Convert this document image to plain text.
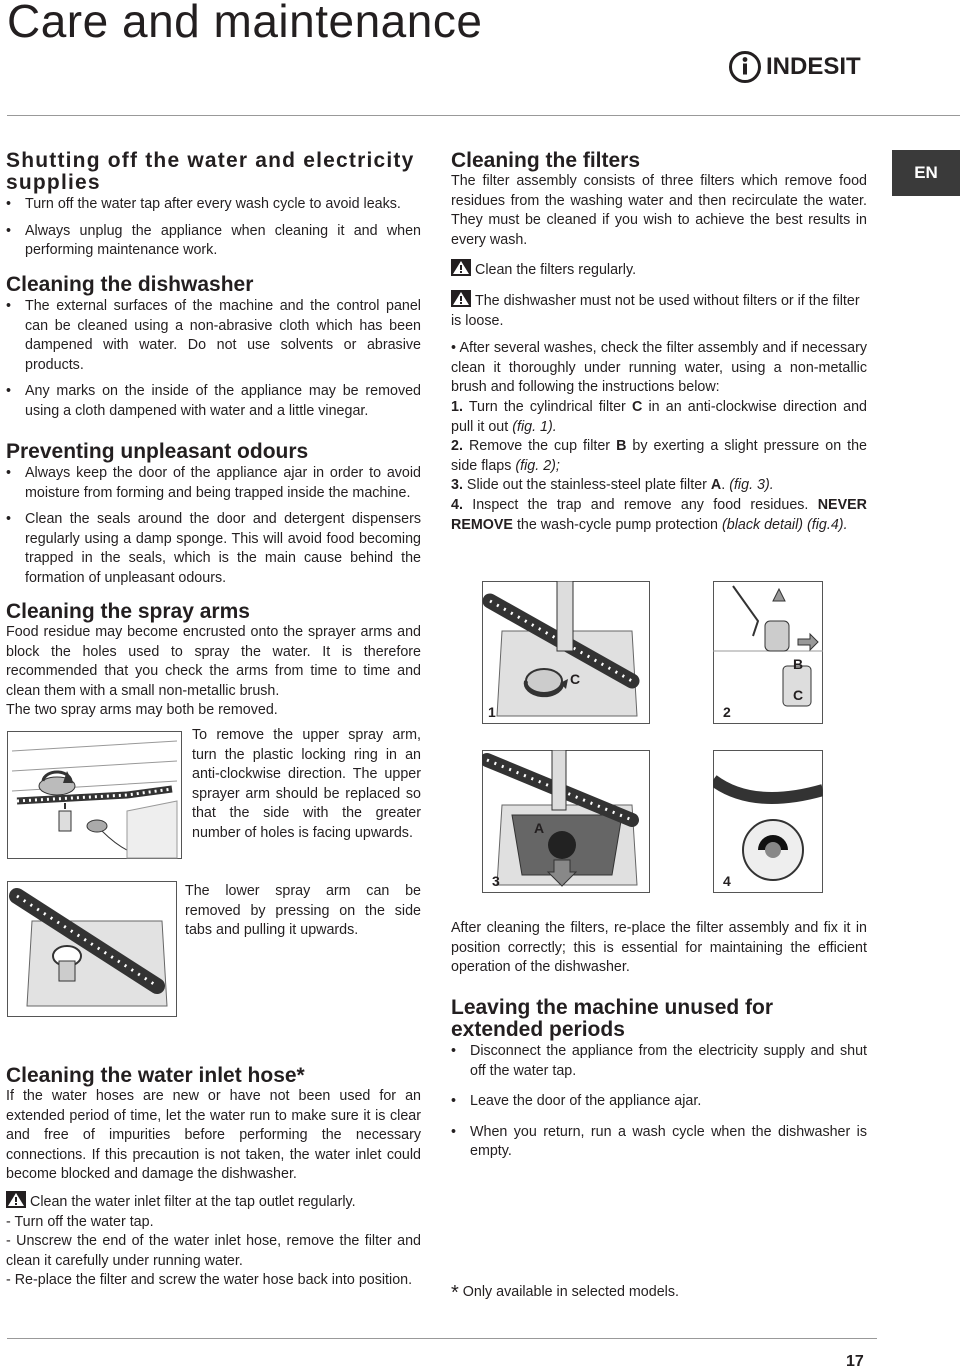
Care and maintenance
INDESIT
EN
Shutting off the water and electricity supplies
• Turn off the water tap after every wash cycle to avoid leaks.
• Always unplug the appliance when cleaning it and when performing maintenance work.
Cleaning the dishwasher
• The external surfaces of the machine and the control panel can be cleaned using a non-abrasive cloth which has been dampened with water. Do not use solvents or abrasive products.
• Any marks on the inside of the appliance may be removed using a cloth dampened with water and a little vinegar.
Preventing unpleasant odours
• Always keep the door of the appliance ajar in order to avoid moisture from forming and being trapped inside the machine.
• Clean the seals around the door and detergent dispensers regularly using a damp sponge. This will avoid food becoming trapped in the seals, which is the main cause behind the formation of unpleasant odours.
Cleaning the spray arms

Food residue may become encrusted onto the sprayer arms and block the holes used to spray the water. It is therefore recommended that you check the arms from time to time and clean them with a small non-metallic brush.

The two spray arms may both be removed.

To remove the upper spray arm, turn the plastic locking ring in an anti-clockwise direction. The upper sprayer arm should be replaced so that the side with the greater number of holes is facing upwards.

The lower spray arm can be removed by pressing on the side tabs and pulling it upwards.

Cleaning the water inlet hose*

If the water hoses are new or have not been used for an extended period of time, let the water run to make sure it is clear and free of impurities before performing the necessary connections. If this precaution is not taken, the water inlet could become blocked and damage the dishwasher.

Clean the water inlet filter at the tap outlet regularly.

- Turn off the water tap.

- Unscrew the end of the water inlet hose, remove the filter and clean it carefully under running water.

- Re-place the filter and screw the water hose back into position.

Cleaning the filters

The filter assembly consists of three filters which remove food residues from the washing water and then recirculate the water. They must be cleaned if you wish to achieve the best results in every wash.

Clean the filters regularly.
The dishwasher must not be used without filters or if the filter is loose.

• After several washes, check the filter assembly and if necessary clean it thoroughly under running water, using a non-metallic brush and following the instructions below:

1. Turn the cylindrical filter C in an anti-clockwise direction and pull it out (fig. 1).

2. Remove the cup filter B by exerting a slight pressure on the side flaps (fig. 2);

3. Slide out the stainless-steel plate filter A. (fig. 3).

4. Inspect the trap and remove any food residues. NEVER REMOVE the wash-cycle pump protection (black detail) (fig.4).

1
C
2
B
C
3
A
4

After cleaning the filters, re-place the filter assembly and fix it in position correctly; this is essential for maintaining the efficient operation of the dishwasher.

Leaving the machine unused for extended periods
• Disconnect the appliance from the electricity supply and shut off the water tap.
• Leave the door of the appliance ajar.
• When you return, run a wash cycle when the dishwasher is empty.
* Only available in selected models.
17
